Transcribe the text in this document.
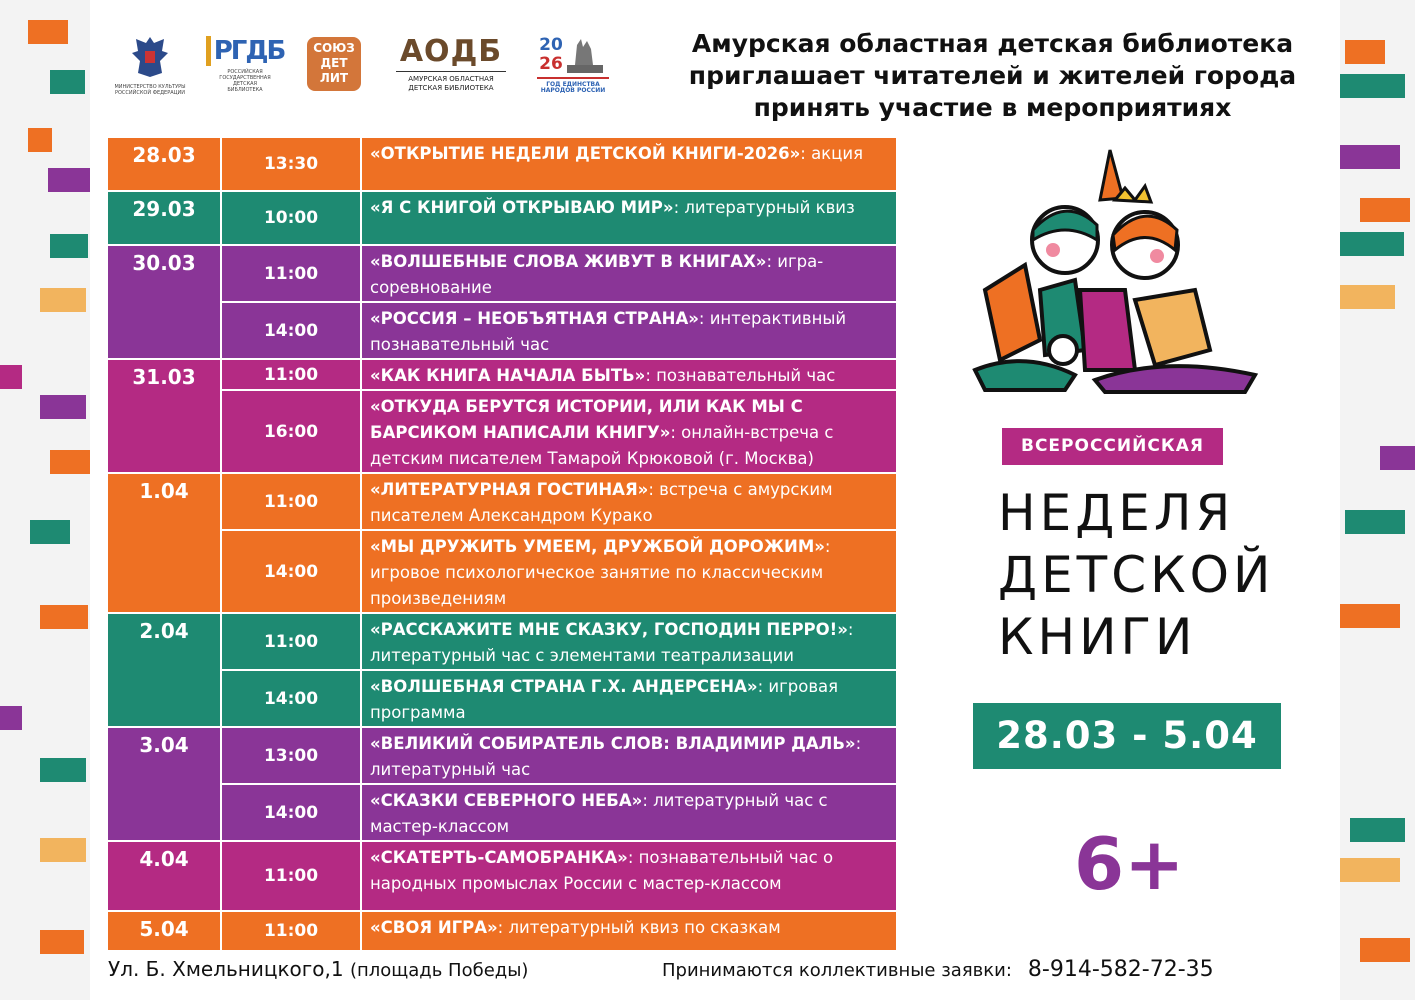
МИНИСТЕРСТВО КУЛЬТУРЫ РОССИЙСКОЙ ФЕДЕРАЦИИ
РГДБ
РОССИЙСКАЯ ГОСУДАРСТВЕННАЯ ДЕТСКАЯ БИБЛИОТЕКА
СОЮЗ
ДЕТ
ЛИТ
АОДБ
АМУРСКАЯ ОБЛАСТНАЯ
ДЕТСКАЯ БИБЛИОТЕКА
20
26
ГОД ЕДИНСТВА
НАРОДОВ РОССИИ
Амурская областная детская библиотека
приглашает читателей и жителей города
принять участие в мероприятиях
28.03	13:30	«ОТКРЫТИЕ НЕДЕЛИ ДЕТСКОЙ КНИГИ-2026»: акция
29.03	10:00	«Я С КНИГОЙ ОТКРЫВАЮ МИР»: литературный квиз
30.03	11:00	«ВОЛШЕБНЫЕ СЛОВА ЖИВУТ В КНИГАХ»: игра-соревнование
	14:00	«РОССИЯ – НЕОБЪЯТНАЯ СТРАНА»: интерактивный познавательный час
31.03	11:00	«КАК КНИГА НАЧАЛА БЫТЬ»: познавательный час
	16:00	«ОТКУДА БЕРУТСЯ ИСТОРИИ, ИЛИ КАК МЫ С БАРСИКОМ НАПИСАЛИ КНИГУ»: онлайн-встреча с детским писателем Тамарой Крюковой (г. Москва)
1.04	11:00	«ЛИТЕРАТУРНАЯ ГОСТИНАЯ»: встреча с амурским писателем Александром Курако
	14:00	«МЫ ДРУЖИТЬ УМЕЕМ, ДРУЖБОЙ ДОРОЖИМ»: игровое психологическое занятие по классическим произведениям
2.04	11:00	«РАССКАЖИТЕ МНЕ СКАЗКУ, ГОСПОДИН ПЕРРО!»: литературный час с элементами театрализации
	14:00	«ВОЛШЕБНАЯ СТРАНА Г.Х. АНДЕРСЕНА»: игровая программа
3.04	13:00	«ВЕЛИКИЙ СОБИРАТЕЛЬ СЛОВ: ВЛАДИМИР ДАЛЬ»: литературный час
	14:00	«СКАЗКИ СЕВЕРНОГО НЕБА»: литературный час с мастер-классом
4.04	11:00	«СКАТЕРТЬ-САМОБРАНКА»: познавательный час о народных промыслах России с мастер-классом
5.04	11:00	«СВОЯ ИГРА»: литературный квиз по сказкам
ВСЕРОССИЙСКАЯ
НЕДЕЛЯ
ДЕТСКОЙ
КНИГИ
28.03 - 5.04
6+
Ул. Б. Хмельницкого,1 (площадь Победы)	Принимаются коллективные заявки: 8-914-582-72-35
